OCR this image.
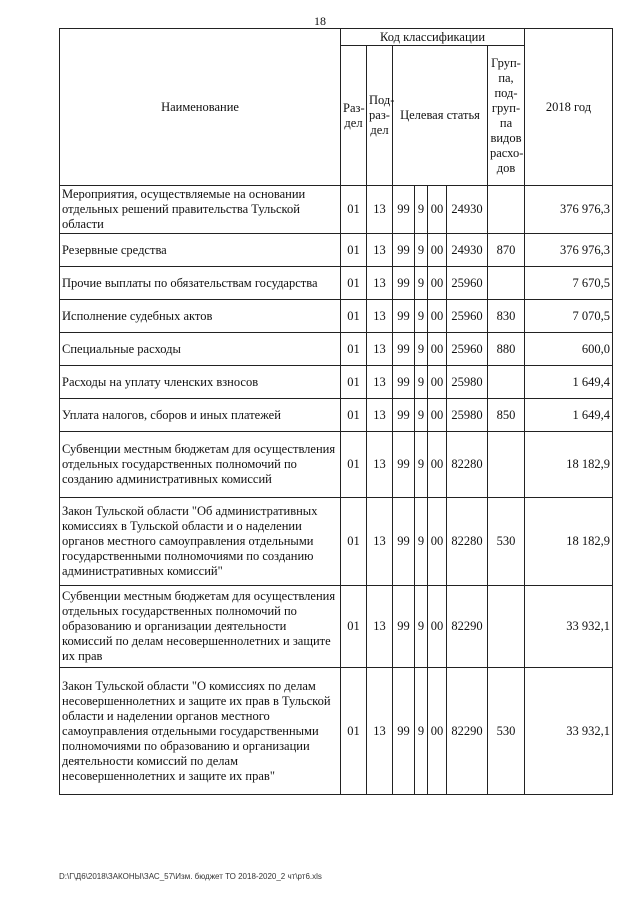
18
Наименование	Код классификации							2018 год
	Раз-дел	Под-раз-дел	Целевая статья				Груп-па, под-груп-па видов расхо-дов	
Мероприятия, осуществляемые на основании отдельных решений правительства Тульской области	01	13	99	9	00	24930		376 976,3
Резервные средства	01	13	99	9	00	24930	870	376 976,3
Прочие выплаты по обязательствам государства	01	13	99	9	00	25960		7 670,5
Исполнение судебных актов	01	13	99	9	00	25960	830	7 070,5
Специальные расходы	01	13	99	9	00	25960	880	600,0
Расходы на уплату членских взносов	01	13	99	9	00	25980		1 649,4
Уплата налогов, сборов и иных платежей	01	13	99	9	00	25980	850	1 649,4
Субвенции местным бюджетам для осуществления отдельных государственных полномочий по созданию административных комиссий	01	13	99	9	00	82280		18 182,9
Закон Тульской области "Об административных комиссиях в Тульской области и о наделении органов местного самоуправления отдельными государственными полномочиями по созданию административных комиссий"	01	13	99	9	00	82280	530	18 182,9
Субвенции местным бюджетам для осуществления отдельных государственных полномочий по образованию и организации деятельности комиссий по делам несовершеннолетних и защите их прав	01	13	99	9	00	82290		33 932,1
Закон Тульской области "О комиссиях по делам несовершеннолетних и защите их прав в Тульской области и наделении органов местного самоуправления отдельными государственными полномочиями по образованию и организации деятельности комиссий по делам несовершеннолетних и защите их прав"	01	13	99	9	00	82290	530	33 932,1
D:\Г\Д6\2018\ЗАКОНЫ\ЗАС_57\Изм. бюджет ТО 2018-2020_2 чт\рт6.xls
